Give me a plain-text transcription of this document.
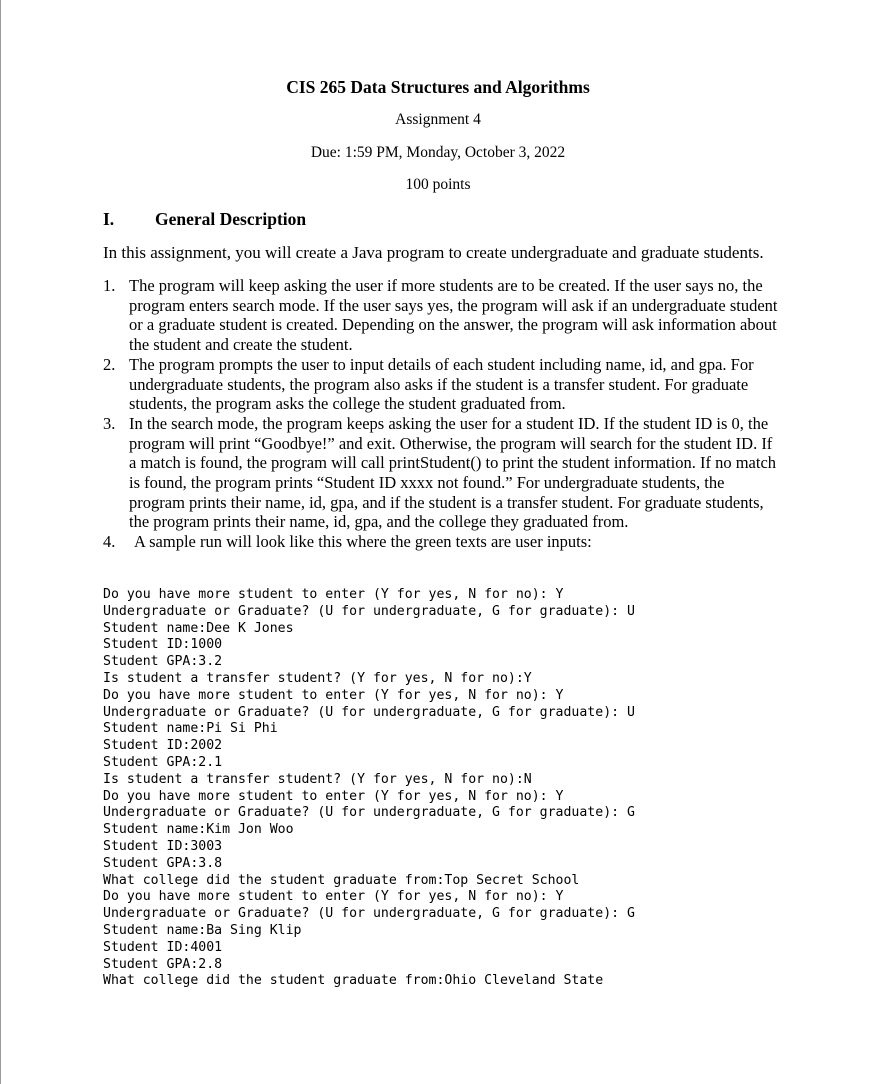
CIS 265 Data Structures and Algorithms
Assignment 4
Due: 1:59 PM, Monday, October 3, 2022
100 points
I. General Description
In this assignment, you will create a Java program to create undergraduate and graduate students.
1. The program will keep asking the user if more students are to be created. If the user says no, the program enters search mode. If the user says yes, the program will ask if an undergraduate student or a graduate student is created. Depending on the answer, the program will ask information about the student and create the student.
2. The program prompts the user to input details of each student including name, id, and gpa. For undergraduate students, the program also asks if the student is a transfer student. For graduate students, the program asks the college the student graduated from.
3. In the search mode, the program keeps asking the user for a student ID. If the student ID is 0, the program will print “Goodbye!” and exit. Otherwise, the program will search for the student ID. If a match is found, the program will call printStudent() to print the student information. If no match is found, the program prints “Student ID xxxx not found.” For undergraduate students, the program prints their name, id, gpa, and if the student is a transfer student. For graduate students, the program prints their name, id, gpa, and the college they graduated from.
4. A sample run will look like this where the green texts are user inputs:
Do you have more student to enter (Y for yes, N for no): Y
Undergraduate or Graduate? (U for undergraduate, G for graduate): U
Student name:Dee K Jones
Student ID:1000
Student GPA:3.2
Is student a transfer student? (Y for yes, N for no):Y
Do you have more student to enter (Y for yes, N for no): Y
Undergraduate or Graduate? (U for undergraduate, G for graduate): U
Student name:Pi Si Phi
Student ID:2002
Student GPA:2.1
Is student a transfer student? (Y for yes, N for no):N
Do you have more student to enter (Y for yes, N for no): Y
Undergraduate or Graduate? (U for undergraduate, G for graduate): G
Student name:Kim Jon Woo
Student ID:3003
Student GPA:3.8
What college did the student graduate from:Top Secret School
Do you have more student to enter (Y for yes, N for no): Y
Undergraduate or Graduate? (U for undergraduate, G for graduate): G
Student name:Ba Sing Klip
Student ID:4001
Student GPA:2.8
What college did the student graduate from:Ohio Cleveland State
